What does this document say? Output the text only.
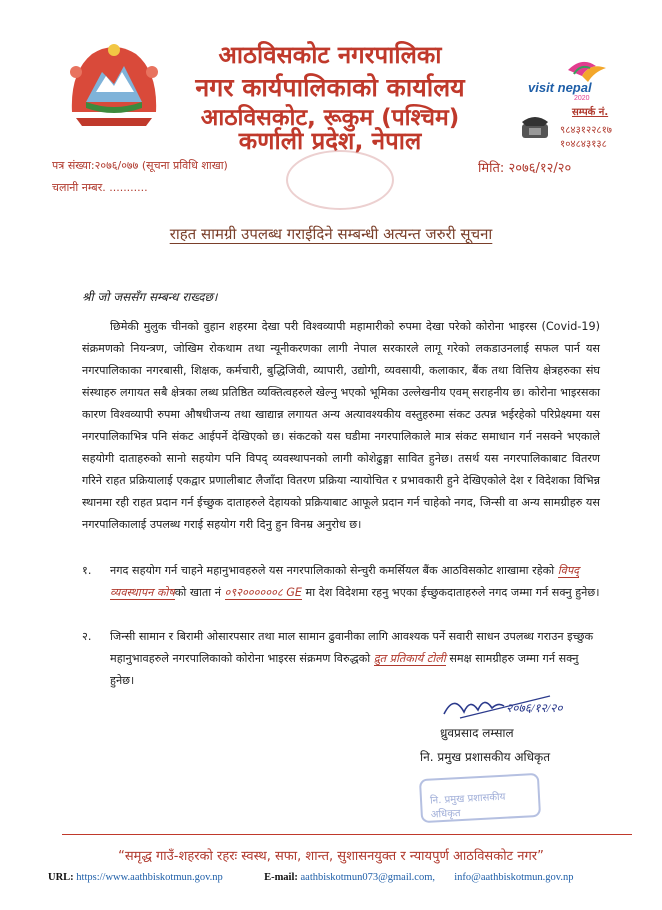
आठविसकोट नगरपालिका
नगर कार्यपालिकाको कार्यालय
आठविसकोट, रूकुम (पश्चिम)
कर्णाली प्रदेश, नेपाल
visit nepal
2020
सम्पर्क नं.
९८४३१२२८१७
१०४८४३१३८
पत्र संख्या:२०७६/०७७ (सूचना प्रविधि शाखा)
चलानी नम्बर. ...........
मिति: २०७६/१२/२०
राहत सामग्री उपलब्ध गराईदिने सम्बन्धी अत्यन्त जरुरी सूचना
श्री जो जससँग सम्बन्ध राख्दछ।
छिमेकी मुलुक चीनको वुहान शहरमा देखा परी विश्वव्यापी महामारीको रुपमा देखा परेको कोरोना भाइरस (Covid-19) संक्रमणको नियन्त्रण, जोखिम रोकथाम तथा न्यूनीकरणका लागी नेपाल सरकारले लागू गरेको लकडाउनलाई सफल पार्न यस नगरपालिकाका नगरबासी, शिक्षक, कर्मचारी, बुद्धिजिवी, व्यापारी, उद्योगी, व्यवसायी, कलाकार, बैंक तथा वित्तिय क्षेत्रहरुका संघ संस्थाहरु लगायत सबै क्षेत्रका लब्ध प्रतिष्ठित व्यक्तित्वहरुले खेल्नु भएको भूमिका उल्लेखनीय एवम् सराहनीय छ। कोरोना भाइरसका कारण विश्वव्यापी रुपमा औषधीजन्य तथा खाद्यान्न लगायत अन्य अत्यावश्यकीय वस्तुहरुमा संकट उत्पन्न भईरहेको परिप्रेक्ष्यमा यस नगरपालिकाभित्र पनि संकट आईपर्ने देखिएको छ। संकटको यस घडीमा नगरपालिकाले मात्र संकट समाधान गर्न नसक्ने भएकाले सहयोगी दाताहरुको सानो सहयोग पनि विपद् व्यवस्थापनको लागी कोशेढुङ्गा सावित हुनेछ। तसर्थ यस नगरपालिकाबाट वितरण गरिने राहत प्रक्रियालाई एकद्वार प्रणालीबाट लैजाँदा वितरण प्रक्रिया न्यायोचित र प्रभावकारी हुने देखिएकोले देश र विदेशका विभिन्न स्थानमा रही राहत प्रदान गर्न ईच्छुक दाताहरुले देहायको प्रक्रियाबाट आफूले प्रदान गर्न चाहेको नगद, जिन्सी वा अन्य सामग्रीहरु यस नगरपालिकालाई उपलब्ध गराई सहयोग गरी दिनु हुन विनम्र अनुरोध छ।
१. नगद सहयोग गर्न चाहने महानुभावहरुले यस नगरपालिकाको सेन्चुरी कमर्सियल बैंक आठविसकोट शाखामा रहेको विपद् व्यवस्थापन कोषको खाता नं ०९२००००००८ GE मा देश विदेशमा रहनु भएका ईच्छुकदाताहरुले नगद जम्मा गर्न सक्नु हुनेछ।
२. जिन्सी सामान र बिरामी ओसारपसार तथा माल सामान ढुवानीका लागि आवश्यक पर्ने सवारी साधन उपलब्ध गराउन इच्छुक महानुभावहरुले नगरपालिकाको कोरोना भाइरस संक्रमण विरुद्धको द्रुत प्रतिकार्य टोली समक्ष सामग्रीहरु जम्मा गर्न सक्नु हुनेछ।
२०७६/१२/२०
ध्रुवप्रसाद लम्साल
नि. प्रमुख प्रशासकीय अधिकृत
नि. प्रमुख प्रशासकीय अधिकृत
“समृद्ध गाउँ-शहरको रहरः स्वस्थ, सफा, शान्त, सुशासनयुक्त र न्यायपुर्ण आठविसकोट नगर”
URL: https://www.aathbiskotmun.gov.np	E-mail: aathbiskotmun073@gmail.com, info@aathbiskotmun.gov.np
